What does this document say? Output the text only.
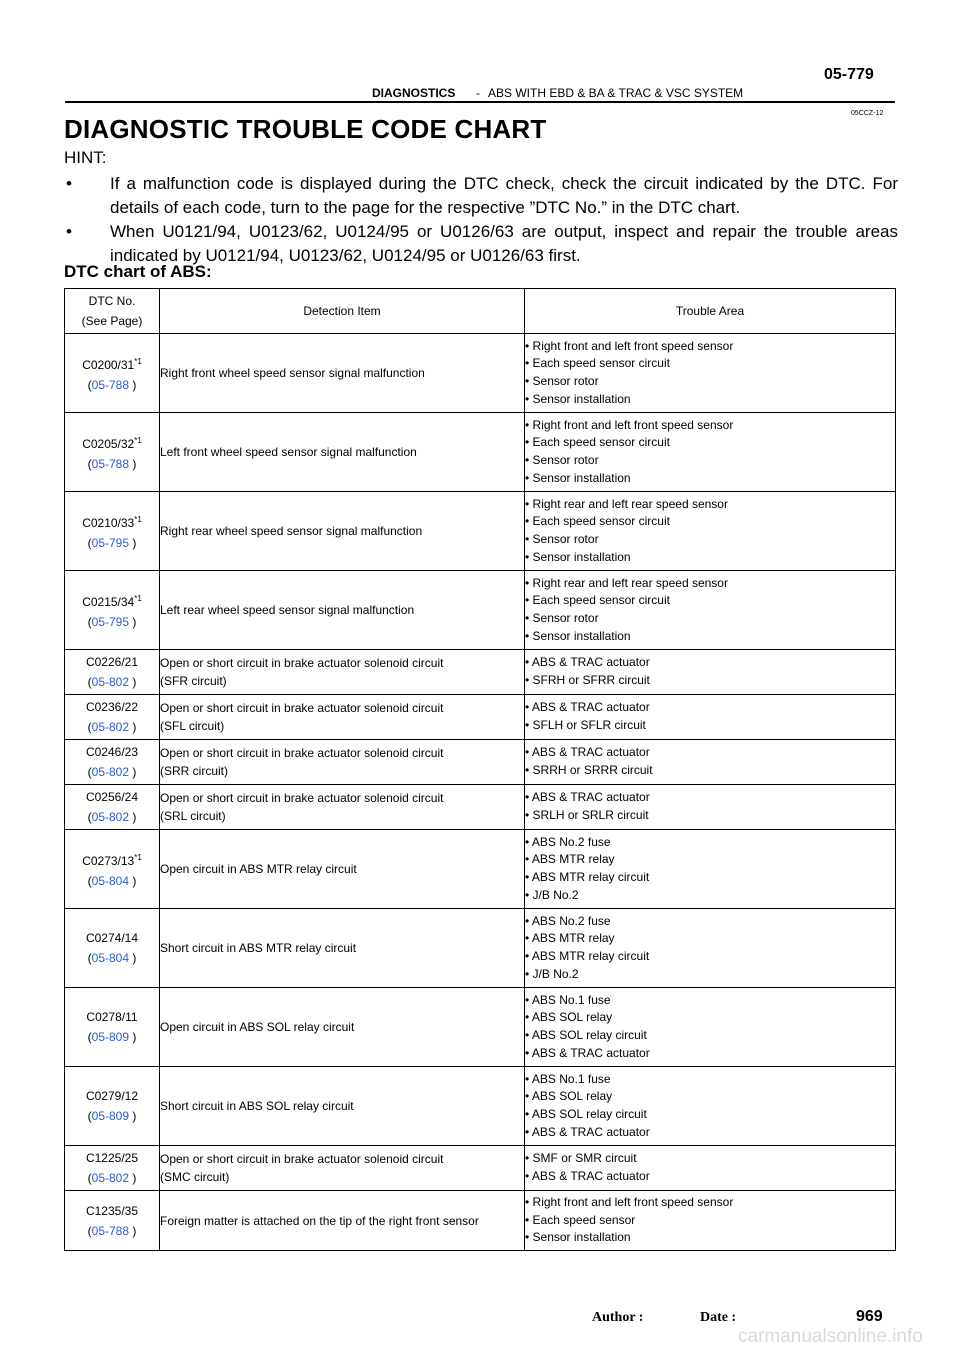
DIAGNOSTICS - ABS WITH EBD & BA & TRAC & VSC SYSTEM
05-779
05CCZ-12
DIAGNOSTIC TROUBLE CODE CHART
HINT:
• If a malfunction code is displayed during the DTC check, check the circuit indicated by the DTC. For details of each code, turn to the page for the respective ”DTC No.” in the DTC chart.
• When U0121/94, U0123/62, U0124/95 or U0126/63 are output, inspect and repair the trouble areas indicated by U0121/94, U0123/62, U0124/95 or U0126/63 first.
DTC chart of ABS:
DTC No.
(See Page)	Detection Item	Trouble Area
C0200/31$^{*1}$
(05-788 )	Right front wheel speed sensor signal malfunction	• Right front and left front speed sensor
• Each speed sensor circuit
• Sensor rotor
• Sensor installation

C0205/32$^{*1}$
(05-788 )	Left front wheel speed sensor signal malfunction	• Right front and left front speed sensor
• Each speed sensor circuit
• Sensor rotor
• Sensor installation

C0210/33$^{*1}$
(05-795 )	Right rear wheel speed sensor signal malfunction	• Right rear and left rear speed sensor
• Each speed sensor circuit
• Sensor rotor
• Sensor installation

C0215/34$^{*1}$
(05-795 )	Left rear wheel speed sensor signal malfunction	• Right rear and left rear speed sensor
• Each speed sensor circuit
• Sensor rotor
• Sensor installation

C0226/21
(05-802 )	Open or short circuit in brake actuator solenoid circuit
(SFR circuit)	• ABS & TRAC actuator
• SFRH or SFRR circuit

C0236/22
(05-802 )	Open or short circuit in brake actuator solenoid circuit
(SFL circuit)	• ABS & TRAC actuator
• SFLH or SFLR circuit

C0246/23
(05-802 )	Open or short circuit in brake actuator solenoid circuit
(SRR circuit)	• ABS & TRAC actuator
• SRRH or SRRR circuit

C0256/24
(05-802 )	Open or short circuit in brake actuator solenoid circuit
(SRL circuit)	• ABS & TRAC actuator
• SRLH or SRLR circuit

C0273/13$^{*1}$
(05-804 )	Open circuit in ABS MTR relay circuit	• ABS No.2 fuse
• ABS MTR relay
• ABS MTR relay circuit
• J/B No.2

C0274/14
(05-804 )	Short circuit in ABS MTR relay circuit	• ABS No.2 fuse
• ABS MTR relay
• ABS MTR relay circuit
• J/B No.2

C0278/11
(05-809 )	Open circuit in ABS SOL relay circuit	• ABS No.1 fuse
• ABS SOL relay
• ABS SOL relay circuit
• ABS & TRAC actuator

C0279/12
(05-809 )	Short circuit in ABS SOL relay circuit	• ABS No.1 fuse
• ABS SOL relay
• ABS SOL relay circuit
• ABS & TRAC actuator

C1225/25
(05-802 )	Open or short circuit in brake actuator solenoid circuit
(SMC circuit)	• SMF or SMR circuit
• ABS & TRAC actuator

C1235/35
(05-788 )	Foreign matter is attached on the tip of the right front sensor	• Right front and left front speed sensor
• Each speed sensor
• Sensor installation
Author :	Date :	969
carmanualsonline.info
